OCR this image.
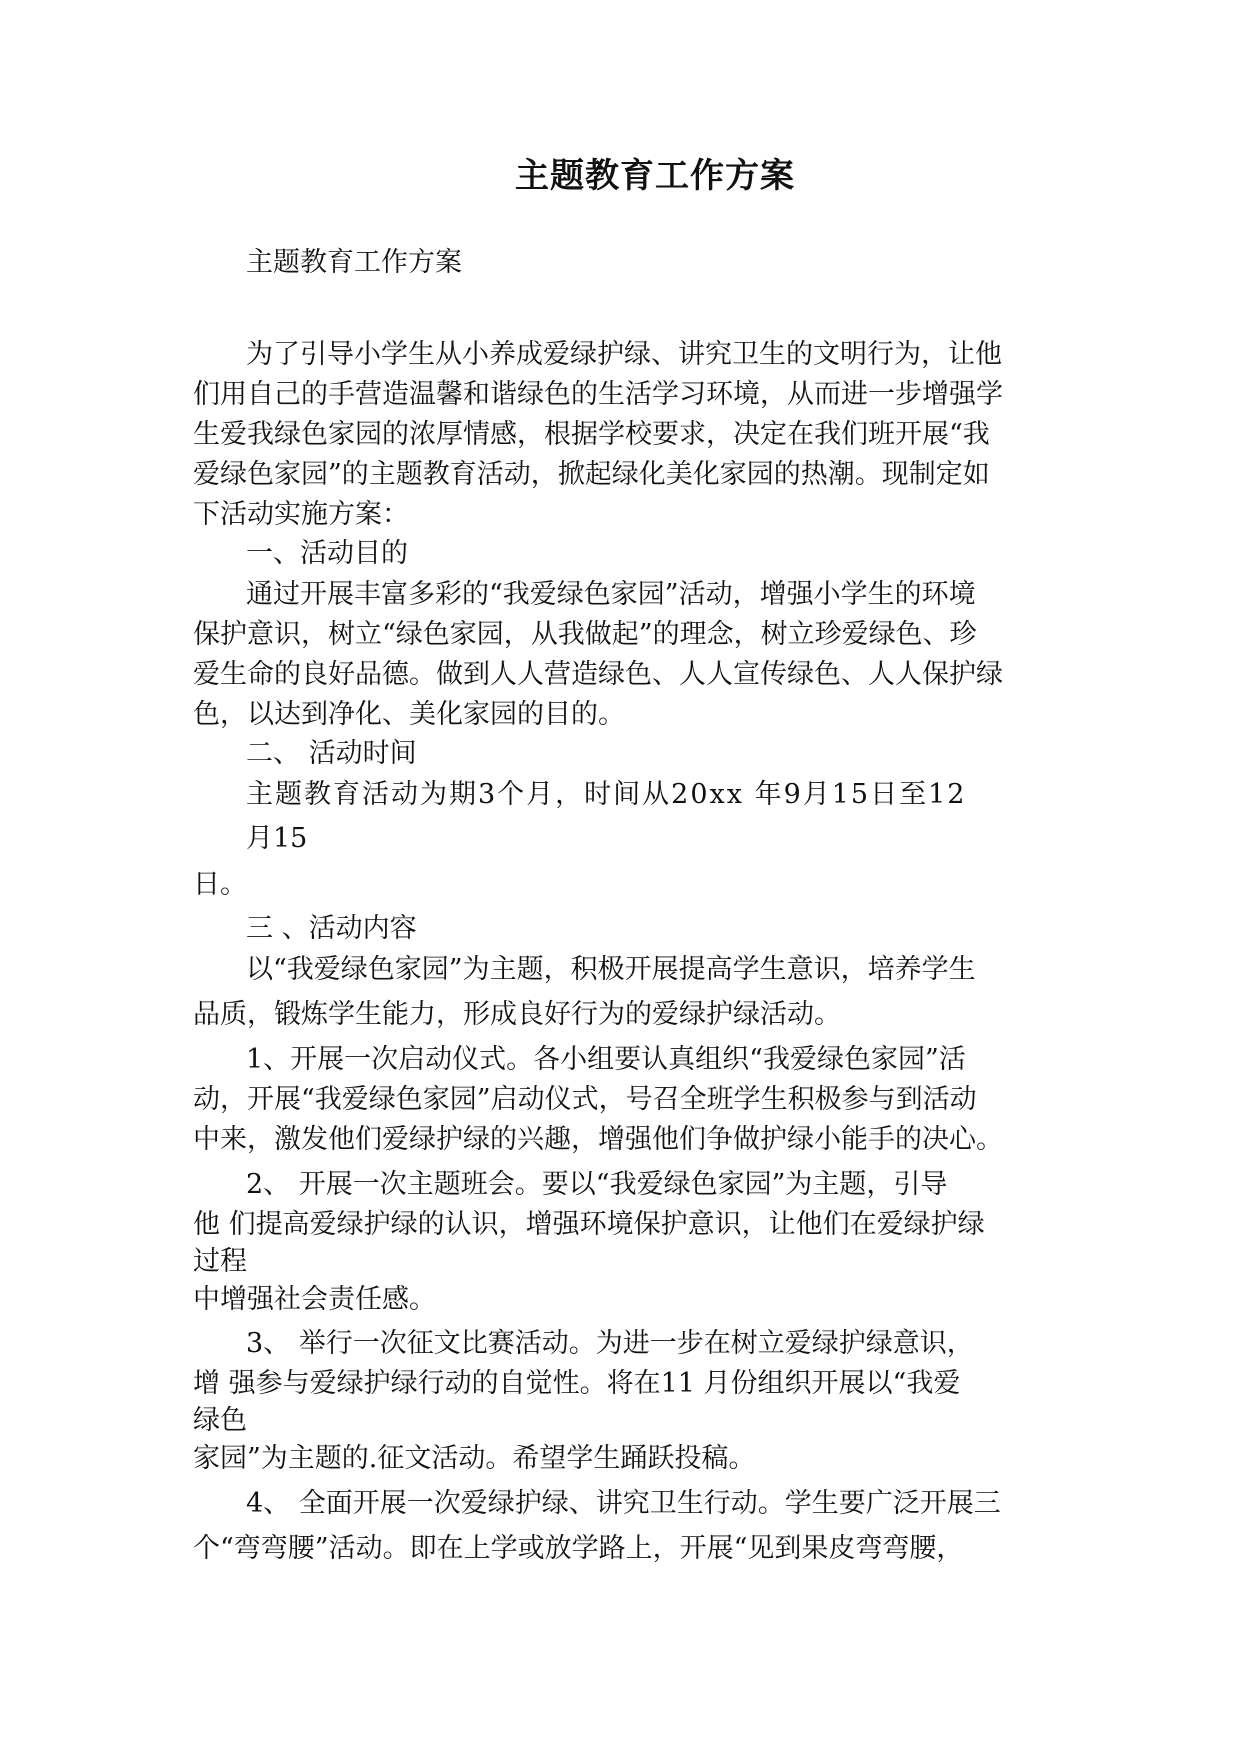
主题教育工作方案
主题教育工作方案
为了引导小学生从小养成爱绿护绿、讲究卫生的文明行为，让他
们用自己的手营造温馨和谐绿色的生活学习环境，从而进一步增强学
生爱我绿色家园的浓厚情感，根据学校要求，决定在我们班开展“我
爱绿色家园”的主题教育活动，掀起绿化美化家园的热潮。现制定如
下活动实施方案：
一、活动目的
通过开展丰富多彩的“我爱绿色家园”活动，增强小学生的环境
保护意识，树立“绿色家园，从我做起”的理念，树立珍爱绿色、珍
爱生命的良好品德。做到人人营造绿色、人人宣传绿色、人人保护绿
色，以达到净化、美化家园的目的。
二、 活动时间
主题教育活动为期3个月，时间从20xx 年9月15日至12
月15
日。
三 、活动内容
以“我爱绿色家园”为主题，积极开展提高学生意识，培养学生
品质，锻炼学生能力，形成良好行为的爱绿护绿活动。
1、开展一次启动仪式。各小组要认真组织“我爱绿色家园”活
动，开展“我爱绿色家园”启动仪式，号召全班学生积极参与到活动
中来，激发他们爱绿护绿的兴趣，增强他们争做护绿小能手的决心。
2、 开展一次主题班会。要以“我爱绿色家园”为主题，引导
他 们提高爱绿护绿的认识，增强环境保护意识，让他们在爱绿护绿
过程
中增强社会责任感。
3、 举行一次征文比赛活动。为进一步在树立爱绿护绿意识，
增 强参与爱绿护绿行动的自觉性。将在11 月份组织开展以“我爱
绿色
家园”为主题的.征文活动。希望学生踊跃投稿。
4、 全面开展一次爱绿护绿、讲究卫生行动。学生要广泛开展三
个“弯弯腰”活动。即在上学或放学路上，开展“见到果皮弯弯腰，
